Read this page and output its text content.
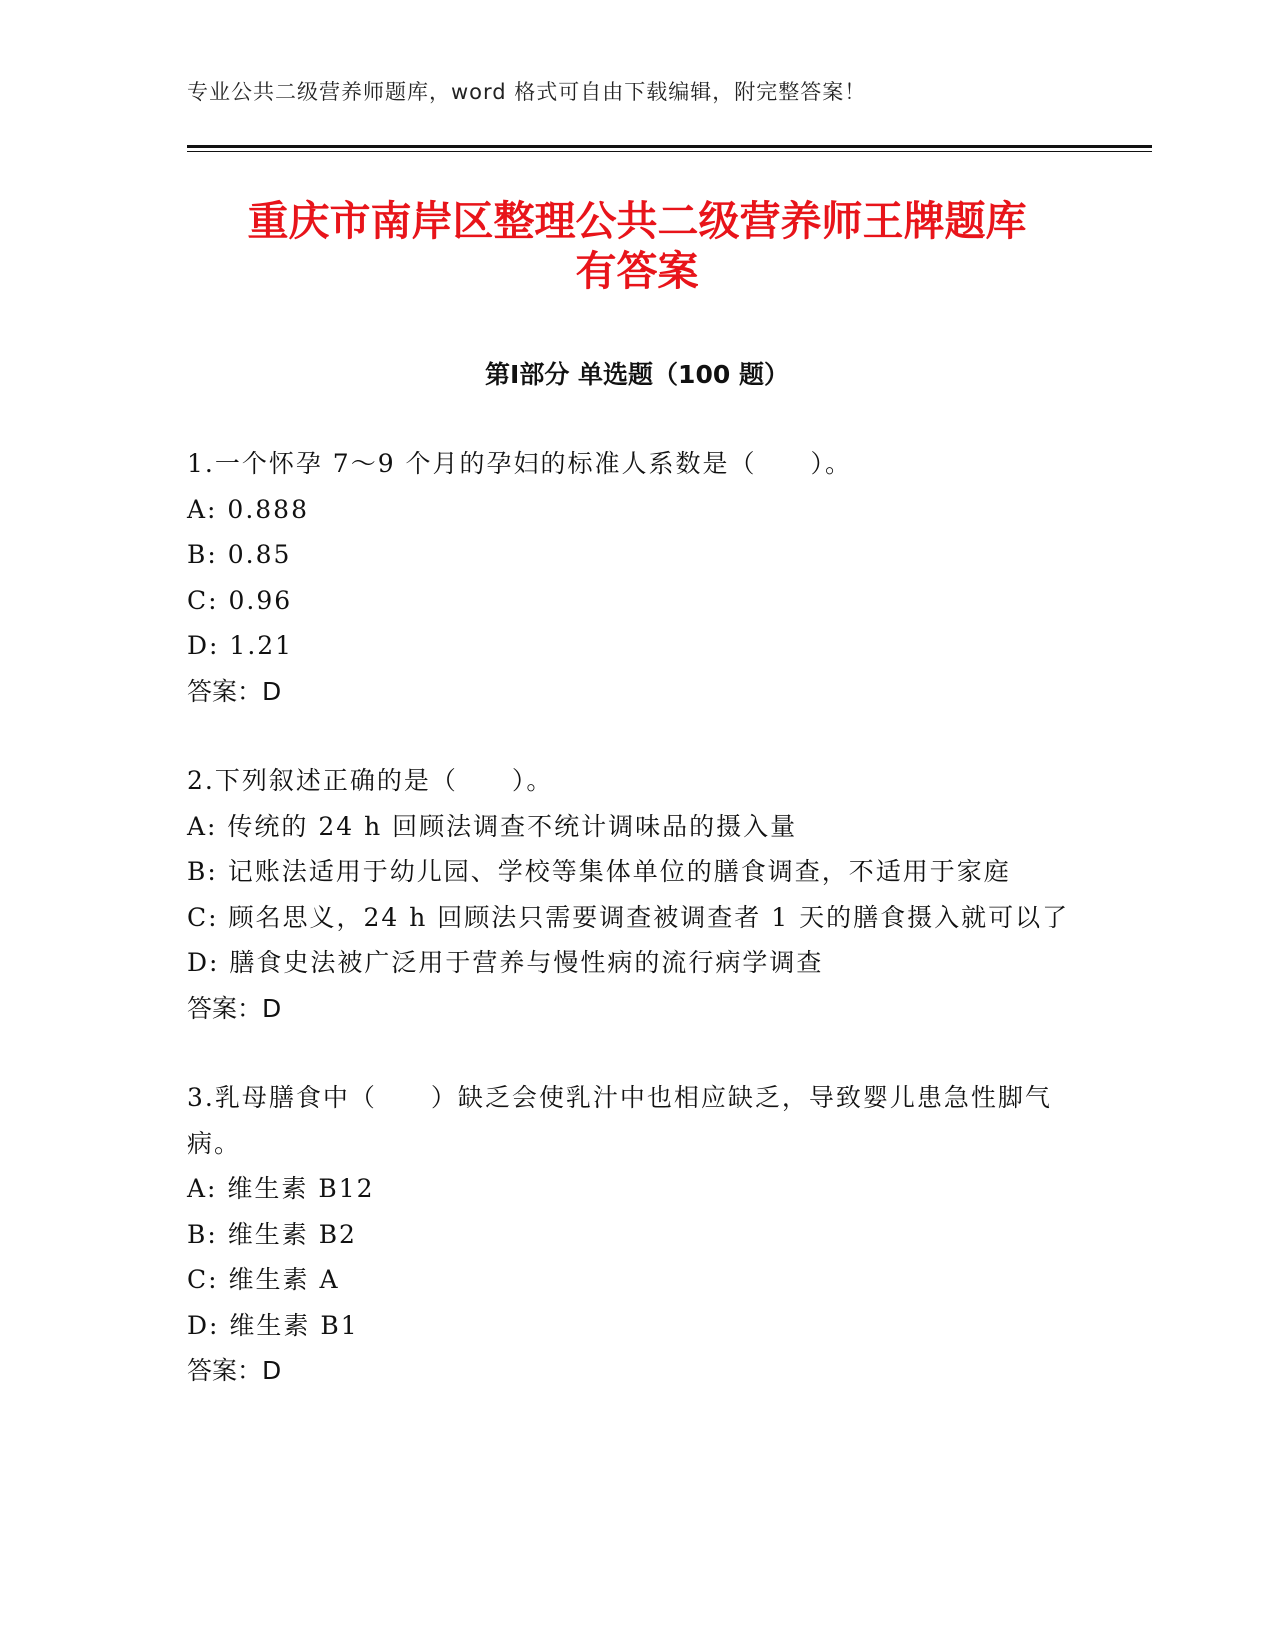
专业公共二级营养师题库，word 格式可自由下载编辑，附完整答案！
重庆市南岸区整理公共二级营养师王牌题库
有答案
第Ⅰ部分 单选题（100 题）
1.一个怀孕 7～9 个月的孕妇的标准人系数是（　　）。
A: 0.888
B: 0.85
C: 0.96
D: 1.21
答案：D
2.下列叙述正确的是（　　）。
A: 传统的 24 h 回顾法调查不统计调味品的摄入量
B: 记账法适用于幼儿园、学校等集体单位的膳食调查，不适用于家庭
C: 顾名思义，24 h 回顾法只需要调查被调查者 1 天的膳食摄入就可以了
D: 膳食史法被广泛用于营养与慢性病的流行病学调查
答案：D
3.乳母膳食中（　　）缺乏会使乳汁中也相应缺乏，导致婴儿患急性脚气病。
A: 维生素 B12
B: 维生素 B2
C: 维生素 A
D: 维生素 B1
答案：D
